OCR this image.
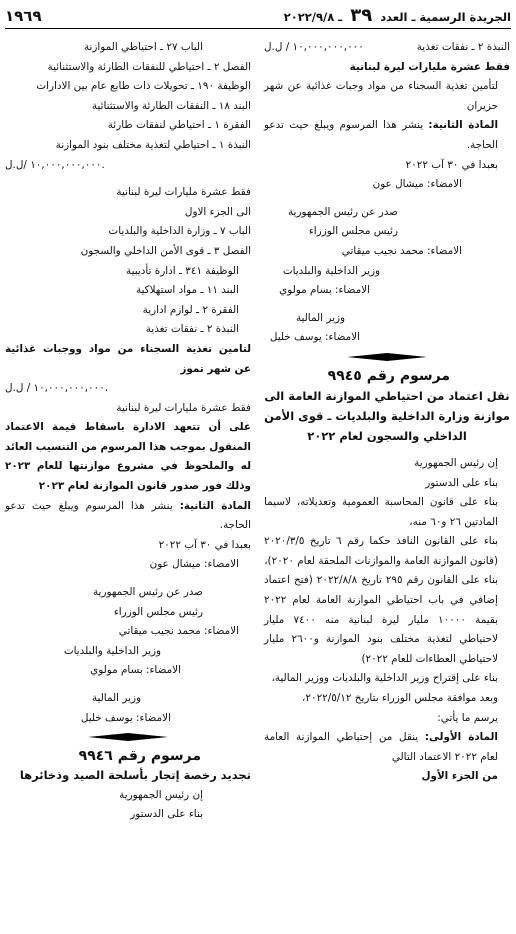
الجريدة الرسمية ـ العدد ٣٩ ـ ٢٠٢٢/٩/٨
١٩٦٩
النبذة ٢ ـ نفقات تغذية
١٠,٠٠٠,٠٠٠,٠٠٠ / ل.ل
فقط عشرة مليارات ليرة لبنانية
لتأمين تغذية السجناء من مواد وجبات غذائية عن شهر حزيران
المادة الثانية: ينشر هذا المرسوم ويبلغ حيث تدعو الحاجة.
بعبدا في ٣٠ آب ٢٠٢٢
الامضاء: ميشال عون
صدر عن رئيس الجمهورية
رئيس مجلس الوزراء
الامضاء: محمد نجيب ميقاتي
وزير الداخلية والبلديات
الامضاء: بسام مولوي
وزير المالية
الامضاء: يوسف خليل
مرسوم رقم ٩٩٤٥
نقل اعتماد من احتياطي الموازنة العامة الى موازنة وزارة الداخلية والبلديات ـ قوى الأمن الداخلي والسجون لعام ٢٠٢٢
إن رئيس الجمهورية
بناء على الدستور
بناء على قانون المحاسبة العمومية وتعديلاته، لاسيما المادتين ٢٦ و٦٠ منه،
بناء على القانون النافذ حكما رقم ٦ تاريخ ٢٠٢٠/٣/٥ (قانون الموازنة العامة والموازنات الملحقة لعام ٢٠٢٠)،
بناء على القانون رقم ٢٩٥ تاريخ ٢٠٢٢/٨/٨ (فتح اعتماد إضافي في باب احتياطي الموازنة العامة لعام ٢٠٢٢ بقيمة ١٠٠٠٠ مليار ليرة لبنانية منه ٧٤٠٠ مليار لاحتياطي لتغذية مختلف بنود الموازنة و٢٦٠٠ مليار لاحتياطي العطاءات للعام ٢٠٢٢)
بناء على إقتراح وزير الداخلية والبلديات ووزير المالية،
وبعد موافقة مجلس الوزراء بتاريخ ٢٠٢٢/٥/١٢،
يرسم ما يأتي:
المادة الأولى: ينقل من إحتياطي الموازنة العامة لعام ٢٠٢٢ الاعتماد التالي
من الجزء الأول
الباب ٢٧ ـ احتياطي الموازنة
الفصل ٢ ـ احتياطي للنفقات الطارئة والاستثنائية
الوظيفة ١٩٠ ـ تحويلات ذات طابع عام بين الادارات
البند ١٨ ـ النفقات الطارئة والاستثنائية
الفقرة ١ ـ احتياطي لنفقات طارئة
النبذة ١ ـ احتياطي لتغذية مختلف بنود الموازنة
١٠,٠٠٠,٠٠٠,٠٠٠ /ل.ل.
فقط عشرة مليارات ليرة لبنانية
الى الجزء الاول
الباب ٧ ـ وزارة الداخلية والبلديات
الفصل ٣ ـ قوى الأمن الداخلي والسجون
الوظيفة ٣٤١ ـ ادارة تأديبية
البند ١١ ـ مواد استهلاكية
الفقرة ٢ ـ لوازم ادارية
النبذة ٢ ـ نفقات تغذية
لتامين تغذية السجناء من مواد ووجبات غذائية عن شهر تموز
١٠,٠٠٠,٠٠٠,٠٠٠ / ل.ل.
فقط عشرة مليارات ليرة لبنانية
على أن تتعهد الادارة باسقاط قيمة الاعتماد المنقول بموجب هذا المرسوم من التنسيب العائد له والملحوظ في مشروع موازنتها للعام ٢٠٢٣ وذلك فور صدور قانون الموازنة لعام ٢٠٢٣
المادة الثانية: ينشر هذا المرسوم ويبلغ حيث تدعو الحاجة.
بعبدا في ٣٠ آب ٢٠٢٢
الامضاء: ميشال عون
صدر عن رئيس الجمهورية
رئيس مجلس الوزراء
الامضاء: محمد نجيب ميقاتي
وزير الداخلية والبلديات
الامضاء: بسام مولوي
وزير المالية
الامضاء: يوسف خليل
مرسوم رقم ٩٩٤٦
تجديد رخصة إتجار بأسلحة الصيد وذخائرها
إن رئيس الجمهورية
بناء على الدستور
